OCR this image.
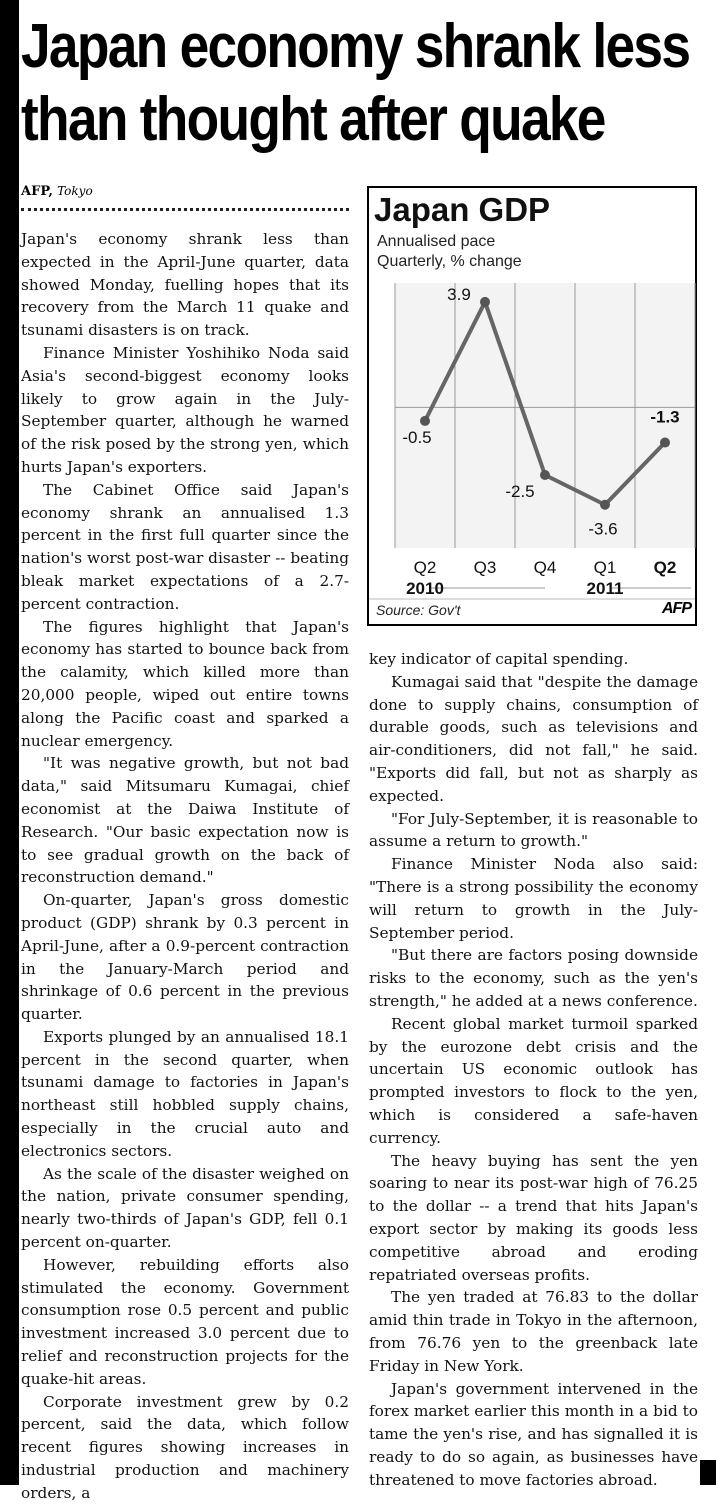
Japan economy shrank less
than thought after quake
AFP, Tokyo

Japan's economy shrank less than expected in the April-June quarter, data showed Monday, fuelling hopes that its recovery from the March 11 quake and tsunami disasters is on track.

Finance Minister Yoshihiko Noda said Asia's second-biggest economy looks likely to grow again in the July-September quarter, although he warned of the risk posed by the strong yen, which hurts Japan's exporters.

The Cabinet Office said Japan's economy shrank an annualised 1.3 percent in the first full quarter since the nation's worst post-war disaster -- beating bleak market expectations of a 2.7-percent contraction.

The figures highlight that Japan's economy has started to bounce back from the calamity, which killed more than 20,000 people, wiped out entire towns along the Pacific coast and sparked a nuclear emergency.

"It was negative growth, but not bad data," said Mitsumaru Kumagai, chief economist at the Daiwa Institute of Research. "Our basic expectation now is to see gradual growth on the back of reconstruction demand."

On-quarter, Japan's gross domestic product (GDP) shrank by 0.3 percent in April-June, after a 0.9-percent contraction in the January-March period and shrinkage of 0.6 percent in the previous quarter.

Exports plunged by an annualised 18.1 percent in the second quarter, when tsunami damage to factories in Japan's northeast still hobbled supply chains, especially in the crucial auto and electronics sectors.

As the scale of the disaster weighed on the nation, private consumer spending, nearly two-thirds of Japan's GDP, fell 0.1 percent on-quarter.

However, rebuilding efforts also stimulated the economy. Government consumption rose 0.5 percent and public investment increased 3.0 percent due to relief and reconstruction projects for the quake-hit areas.

Corporate investment grew by 0.2 percent, said the data, which follow recent figures showing increases in industrial production and machinery orders, a

Japan GDP
Annualised pace
Quarterly, % change
-0.5
3.9
-2.5
-3.6
-1.3
Q2 Q3 Q4 Q1 Q2
2010	2011
Source: Gov't	AFP

key indicator of capital spending.

Kumagai said that "despite the damage done to supply chains, consumption of durable goods, such as televisions and air-conditioners, did not fall," he said. "Exports did fall, but not as sharply as expected.

"For July-September, it is reasonable to assume a return to growth."

Finance Minister Noda also said: "There is a strong possibility the economy will return to growth in the July-September period.

"But there are factors posing downside risks to the economy, such as the yen's strength," he added at a news conference.

Recent global market turmoil sparked by the eurozone debt crisis and the uncertain US economic outlook has prompted investors to flock to the yen, which is considered a safe-haven currency.

The heavy buying has sent the yen soaring to near its post-war high of 76.25 to the dollar -- a trend that hits Japan's export sector by making its goods less competitive abroad and eroding repatriated overseas profits.

The yen traded at 76.83 to the dollar amid thin trade in Tokyo in the afternoon, from 76.76 yen to the greenback late Friday in New York.

Japan's government intervened in the forex market earlier this month in a bid to tame the yen's rise, and has signalled it is ready to do so again, as businesses have threatened to move factories abroad.
